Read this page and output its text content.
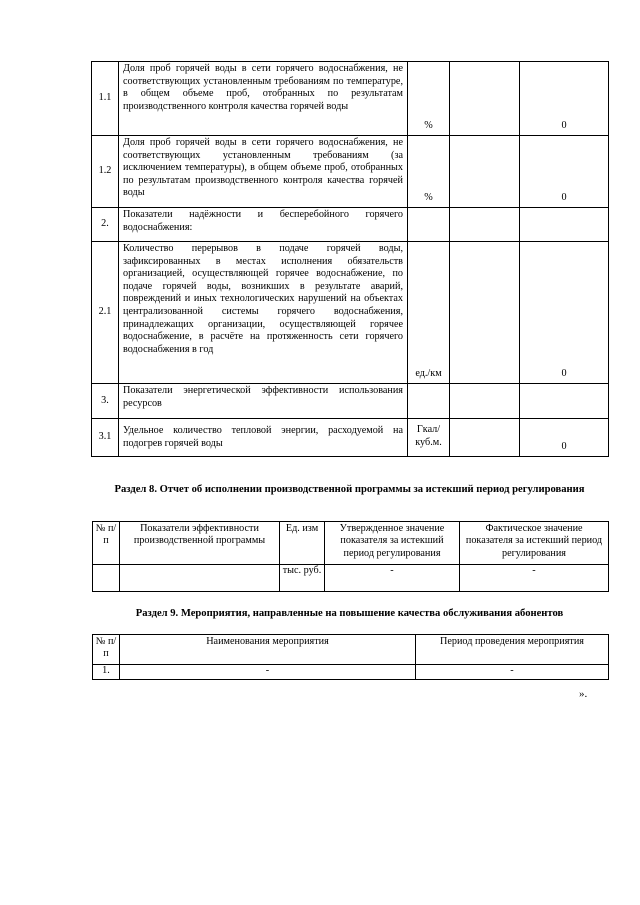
1.1	Доля проб горячей воды в сети горячего водоснабжения, не соответствующих установленным требованиям по температуре, в общем объеме проб, отобранных по результатам производственного контроля качества горячей воды	%		0
1.2	Доля проб горячей воды в сети горячего водоснабжения, не соответствующих установленным требованиям (за исключением температуры), в общем объеме проб, отобранных по результатам производственного контроля качества горячей воды	%		0
2.	Показатели надёжности и бесперебойного горячего водоснабжения:			
2.1	Количество перерывов в подаче горячей воды, зафиксированных в местах исполнения обязательств организацией, осуществляющей горячее водоснабжение, по подаче горячей воды, возникших в результате аварий, повреждений и иных технологических нарушений на объектах централизованной системы горячего водоснабжения, принадлежащих организации, осуществляющей горячее водоснабжение, в расчёте на протяженность сети горячего водоснабжения в год	ед./км		0
3.	Показатели энергетической эффективности использования ресурсов			
3.1	Удельное количество тепловой энергии, расходуемой на подогрев горячей воды	Гкал/ куб.м.		0
Раздел 8. Отчет об исполнении производственной программы за истекший период регулирования
№ п/п	Показатели эффективности производственной программы	Ед. изм	Утвержденное значение показателя за истекший период регулирования	Фактическое значение показателя за истекший период регулирования
		тыс. руб.	-	-
Раздел 9. Мероприятия, направленные на повышение качества обслуживания абонентов
№ п/п	Наименования мероприятия	Период проведения мероприятия
1.	-	-
».
